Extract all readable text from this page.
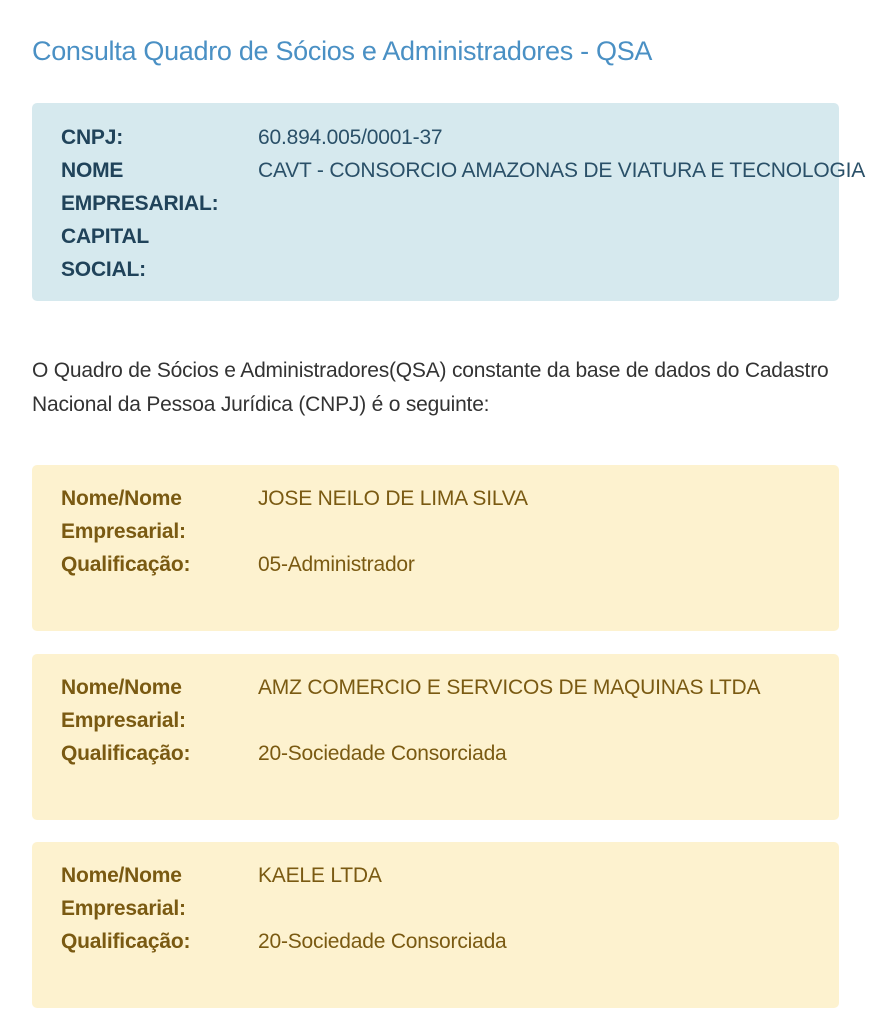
Consulta Quadro de Sócios e Administradores - QSA
CNPJ:	60.894.005/0001-37
NOME
EMPRESARIAL:
CAVT - CONSORCIO AMAZONAS DE VIATURA E TECNOLOGIA
CAPITAL
SOCIAL:
O Quadro de Sócios e Administradores(QSA) constante da base de dados do Cadastro
Nacional da Pessoa Jurídica (CNPJ) é o seguinte:
Nome/Nome
Empresarial:
JOSE NEILO DE LIMA SILVA
Qualificação:	05-Administrador
Nome/Nome
Empresarial:
AMZ COMERCIO E SERVICOS DE MAQUINAS LTDA
Qualificação:	20-Sociedade Consorciada
Nome/Nome
Empresarial:
KAELE LTDA
Qualificação:	20-Sociedade Consorciada
